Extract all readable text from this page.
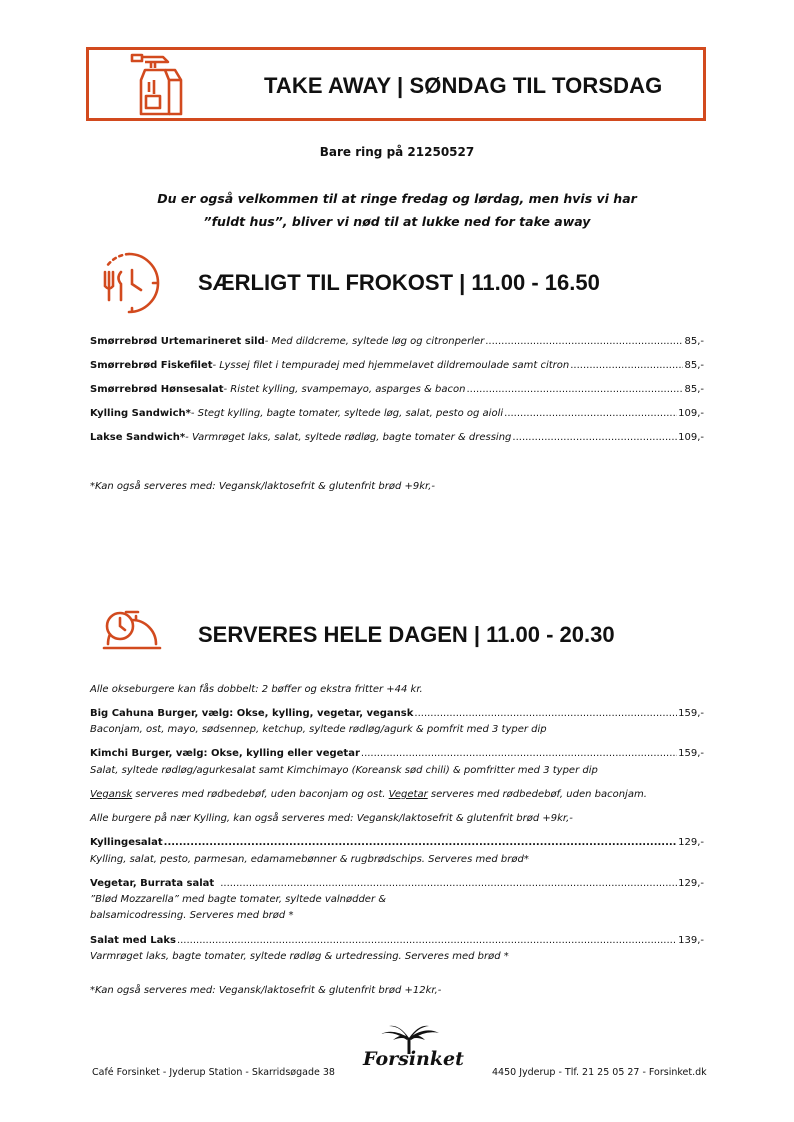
TAKE AWAY | SØNDAG TIL TORSDAG
Bare ring på 21250527
Du er også velkommen til at ringe fredag og lørdag, men hvis vi har
”fuldt hus”, bliver vi nød til at lukke ned for take away
SÆRLIGT TIL FROKOST | 11.00 - 16.50
Smørrebrød Urtemarineret sild - Med dildcreme, syltede løg og citronperler .....	85,-
Smørrebrød Fiskefilet - Lyssej filet i tempuradej med hjemmelavet dildremoulade samt citron .....	85,-
Smørrebrød Hønsesalat - Ristet kylling, svampemayo, asparges & bacon .....	85,-
Kylling Sandwich* - Stegt kylling, bagte tomater, syltede løg, salat, pesto og aioli .....	109,-
Lakse Sandwich* - Varmrøget laks, salat, syltede rødløg, bagte tomater & dressing .....	109,-
*Kan også serveres med: Vegansk/laktosefrit & glutenfrit brød +9kr,-
SERVERES HELE DAGEN | 11.00 - 20.30
Alle okseburgere kan fås dobbelt: 2 bøffer og ekstra fritter +44 kr.
Big Cahuna Burger, vælg: Okse, kylling, vegetar, vegansk .....	159,-
Baconjam, ost, mayo, sødsennep, ketchup, syltede rødløg/agurk & pomfrit med 3 typer dip
Kimchi Burger, vælg: Okse, kylling eller vegetar .....	159,-
Salat, syltede rødløg/agurkesalat samt Kimchimayo (Koreansk sød chili) & pomfritter med 3 typer dip
Vegansk serveres med rødbedebøf, uden baconjam og ost. Vegetar serveres med rødbedebøf, uden baconjam.
Alle burgere på nær Kylling, kan også serveres med: Vegansk/laktosefrit & glutenfrit brød +9kr,-
Kyllingesalat .....	129,-
Kylling, salat, pesto, parmesan, edamamebønner & rugbrødschips. Serveres med brød*
Vegetar, Burrata salat .....	129,-
”Blød Mozzarella” med bagte tomater, syltede valnødder &
balsamicodressing. Serveres med brød *
Salat med Laks .....	139,-
Varmrøget laks, bagte tomater, syltede rødløg & urtedressing. Serveres med brød *
*Kan også serveres med: Vegansk/laktosefrit & glutenfrit brød +12kr,-
Café Forsinket - Jyderup Station - Skarridsøgade 38
Forsinket
4450 Jyderup - Tlf. 21 25 05 27 - Forsinket.dk
